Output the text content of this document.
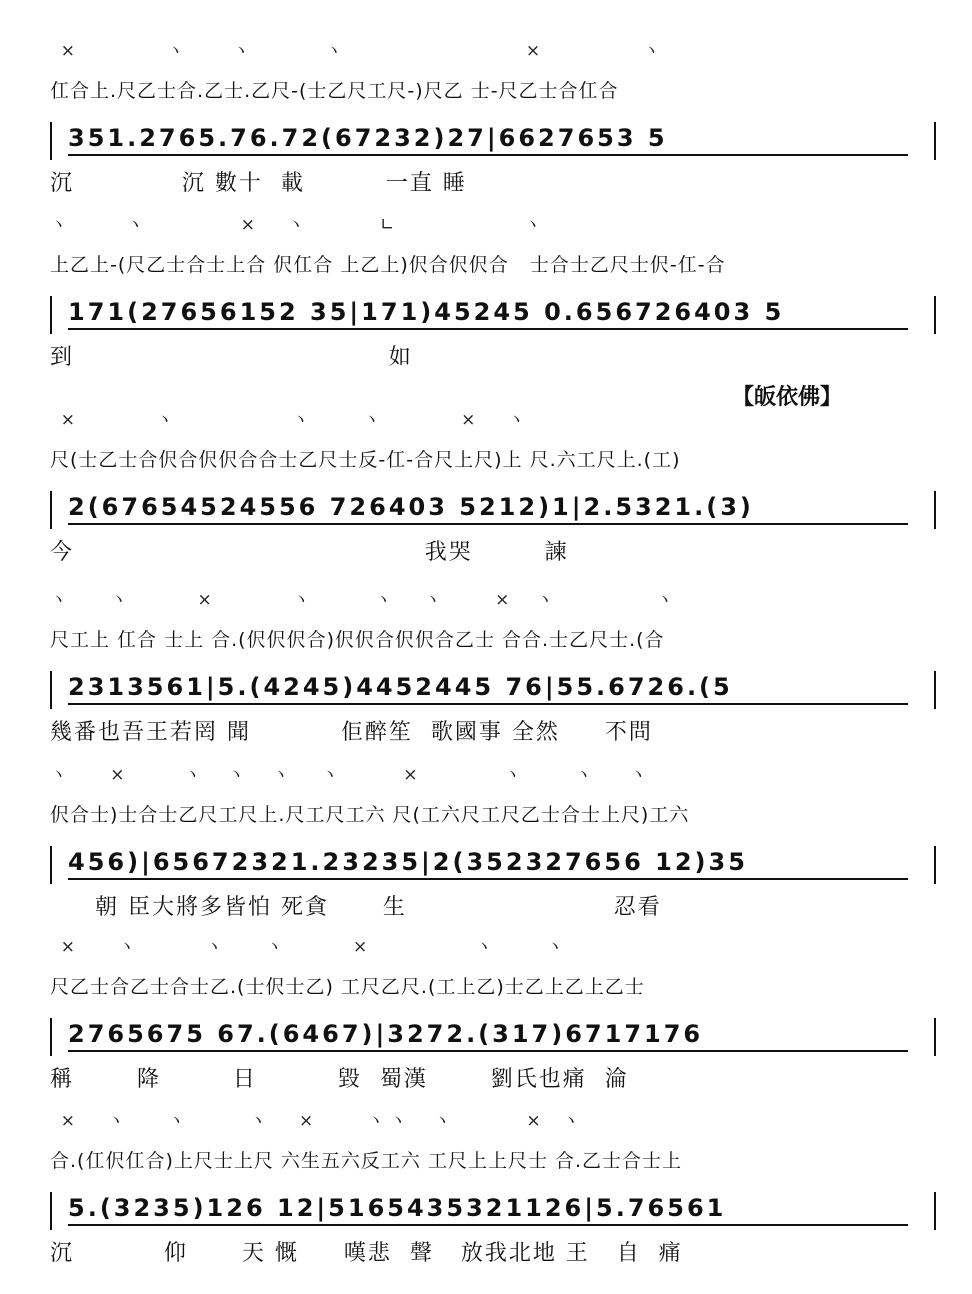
【皈依佛】
×                 ヽ         ヽ              ヽ                                  ×                   ヽ
仜合上.尺乙士合.乙士.乙尺-(士乙尺工尺-)尺乙 士-尺乙士合仜合
351.2765.76.72(67232)27|6627653 5
沉            沉 數十  載         一直 睡
ヽ           ヽ                  ×      ヽ              ∟                        ヽ
上乙上-(尺乙士合士上合 伬仜合 上乙上)伬合伬伬合   士合士乙尺士伬-仜-合
171(27656152 35|171)45245 0.656726403 5
到                                   如
×               ヽ                      ヽ          ヽ               ×      ヽ
尺(士乙士合伬合伬伬合合士乙尺士反-仜-合尺上尺)上 尺.六工尺上.(工)
2(67654524556 726403 5212)1|2.5321.(3)
今                                       我哭        諫
ヽ        ヽ             ×               ヽ            ヽ      ヽ          ×     ヽ                   ヽ
尺工上 仜合 士上 合.(伬伬伬合)伬伬合伬伬合乙士 合合.士乙尺士.(合
2313561|5.(4245)4452445 76|55.6726.(5
幾番也吾王若罔 聞          佢醉笙  歌國事 全然     不問
ヽ        ×           ヽ     ヽ     ヽ      ヽ            ×                ヽ          ヽ       ヽ
伬合士)士合士乙尺工尺上.尺工尺工六 尺(工六尺工尺乙士合士上尺)工六
456)|65672321.23235|2(352327656 12)35
朝 臣大將多皆怕 死貪      生                       忍看
×        ヽ             ヽ        ヽ             ×                    ヽ          ヽ
尺乙士合乙士合士乙.(士伬士乙) 工尺乙尺.(工上乙)士乙上乙上乙士
2765675 67.(6467)|3272.(317)6717176
稱       降        日         毀  蜀漢       劉氏也痛  淪
×      ヽ        ヽ            ヽ      ×          ヽ ヽ     ヽ              ×    ヽ
合.(仜伬仜合)上尺士上尺 六生五六反工六 工尺上上尺士 合.乙士合士上
5.(3235)126 12|5165435321126|5.76561
沉          仰      天 慨     嘆悲  聲   放我北地 王   自  痛
